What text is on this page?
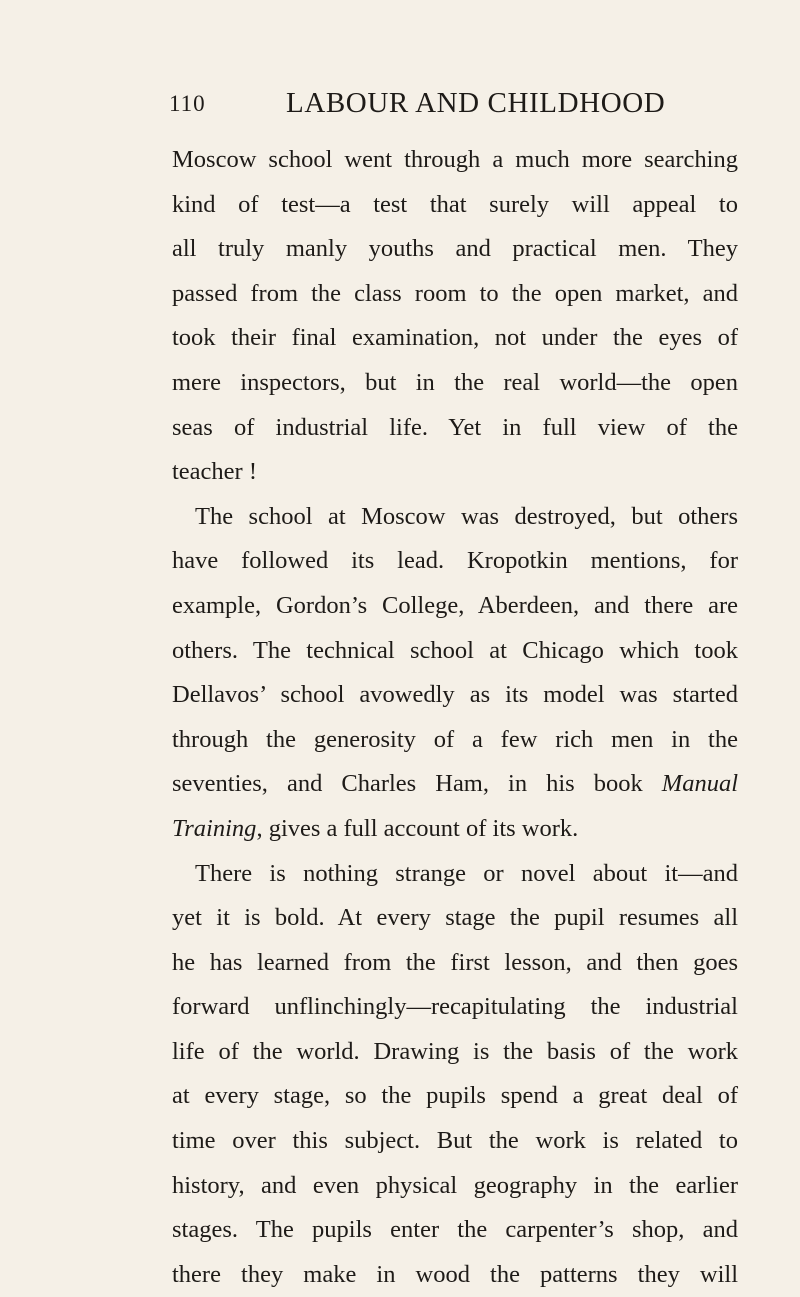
110	LABOUR AND CHILDHOOD
Moscow school went through a much more searching
kind of test—a test that surely will appeal to
all truly manly youths and practical men. They
passed from the class room to the open market, and
took their final examination, not under the eyes of
mere inspectors, but in the real world—the open
seas of industrial life. Yet in full view of the
teacher !
The school at Moscow was destroyed, but others
have followed its lead. Kropotkin mentions, for
example, Gordon’s College, Aberdeen, and there are
others. The technical school at Chicago which took
Dellavos’ school avowedly as its model was started
through the generosity of a few rich men in the
seventies, and Charles Ham, in his book Manual
Training, gives a full account of its work.
There is nothing strange or novel about it—and
yet it is bold. At every stage the pupil resumes all
he has learned from the first lesson, and then goes
forward unflinchingly—recapitulating the industrial
life of the world. Drawing is the basis of the work
at every stage, so the pupils spend a great deal of
time over this subject. But the work is related to
history, and even physical geography in the earlier
stages. The pupils enter the carpenter’s shop, and
there they make in wood the patterns they will
